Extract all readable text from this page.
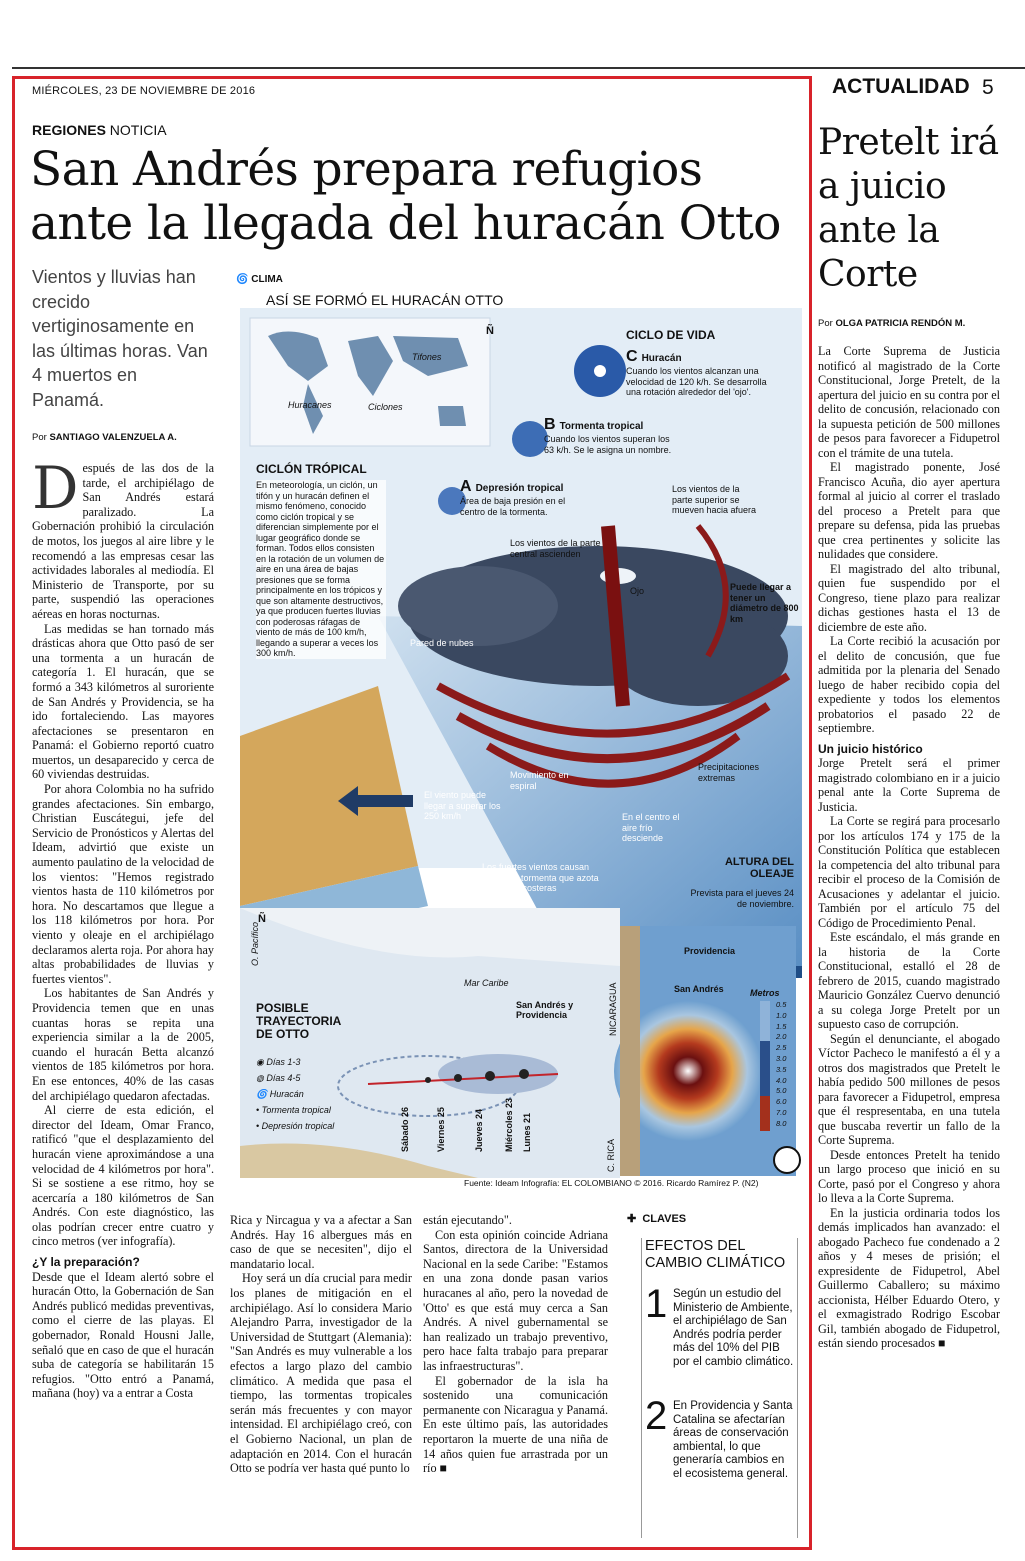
MIÉRCOLES, 23 DE NOVIEMBRE DE 2016	ACTUALIDAD 5
REGIONES NOTICIA
San Andrés prepara refugios ante la llegada del huracán Otto
Vientos y lluvias han crecido vertiginosamente en las últimas horas. Van 4 muertos en Panamá.
Por SANTIAGO VALENZUELA A.

Después de las dos de la tarde, el archipiélago de San Andrés estará paralizado. La Gobernación prohibió la circulación de motos, los juegos al aire libre y le recomendó a las empresas cesar las actividades laborales al mediodía. El Ministerio de Transporte, por su parte, suspendió las operaciones aéreas en horas nocturnas.

Las medidas se han tornado más drásticas ahora que Otto pasó de ser una tormenta a un huracán de categoría 1. El huracán, que se formó a 343 kilómetros al suroriente de San Andrés y Providencia, se ha ido fortaleciendo. Las mayores afectaciones se presentaron en Panamá: el Gobierno reportó cuatro muertos, un desaparecido y cerca de 60 viviendas destruidas.

Por ahora Colombia no ha sufrido grandes afectaciones. Sin embargo, Christian Euscátegui, jefe del Servicio de Pronósticos y Alertas del Ideam, advirtió que existe un aumento paulatino de la velocidad de los vientos: "Hemos registrado vientos hasta de 110 kilómetros por hora. No descartamos que llegue a los 118 kilómetros por hora. Por viento y oleaje en el archipiélago declaramos alerta roja. Por ahora hay altas probabilidades de lluvias y fuertes vientos".

Los habitantes de San Andrés y Providencia temen que en unas cuantas horas se repita una experiencia similar a la de 2005, cuando el huracán Betta alcanzó vientos de 185 kilómetros por hora. En ese entonces, 40% de las casas del archipiélago quedaron afectadas.

Al cierre de esta edición, el director del Ideam, Omar Franco, ratificó "que el desplazamiento del huracán viene aproximándose a una velocidad de 4 kilómetros por hora". Si se sostiene a ese ritmo, hoy se acercaría a 180 kilómetros de San Andrés. Con este diagnóstico, las olas podrían crecer entre cuatro y cinco metros (ver infografía).

¿Y la preparación?

Desde que el Ideam alertó sobre el huracán Otto, la Gobernación de San Andrés publicó medidas preventivas, como el cierre de las playas. El gobernador, Ronald Housni Jalle, señaló que en caso de que el huracán suba de categoría se habilitarán 15 refugios. "Otto entró a Panamá, mañana (hoy) va a entrar a Costa

Rica y Nircagua y va a afectar a San Andrés. Hay 16 albergues más en caso de que se necesiten", dijo el mandatario local.

Hoy será un día crucial para medir los planes de mitigación en el archipiélago. Así lo considera Mario Alejandro Parra, investigador de la Universidad de Stuttgart (Alemania): "San Andrés es muy vulnerable a los efectos a largo plazo del cambio climático. A medida que pasa el tiempo, las tormentas tropicales serán más frecuentes y con mayor intensidad. El archipiélago creó, con el Gobierno Nacional, un plan de adaptación en 2014. Con el huracán Otto se podría ver hasta qué punto lo

están ejecutando".

Con esta opinión coincide Adriana Santos, directora de la Universidad Nacional en la sede Caribe: "Estamos en una zona donde pasan varios huracanes al año, pero la novedad de 'Otto' es que está muy cerca a San Andrés. A nivel gubernamental se han realizado un trabajo preventivo, pero hace falta trabajo para preparar las infraestructuras".

El gobernador de la isla ha sostenido una comunicación permanente con Nicaragua y Panamá. En este último país, las autoridades reportaron la muerte de una niña de 14 años quien fue arrastrada por un río ■

🌀 CLIMA
ASÍ SE FORMÓ EL HURACÁN OTTO
Ñ
Tifones
Huracanes	Ciclones
CICLO DE VIDA
C Huracán
Cuando los vientos alcanzan una velocidad de 120 k/h. Se desarrolla una rotación alrededor del 'ojo'.
B Tormenta tropical
Cuando los vientos superan los 63 k/h. Se le asigna un nombre.
A Depresión tropical
Área de baja presión en el centro de la tormenta.
CICLÓN TRÓPICAL
En meteorología, un ciclón, un tifón y un huracán definen el mismo fenómeno, conocido como ciclón tropical y se diferencian simplemente por el lugar geográfico donde se forman. Todos ellos consisten en la rotación de un volumen de aire en una área de bajas presiones que se forma principalmente en los trópicos y que son altamente destructivos, ya que producen fuertes lluvias con poderosas ráfagas de viento de más de 100 km/h, llegando a superar a veces los 300 km/h.
Los vientos de la parte superior se mueven hacia afuera
Los vientos de la parte central ascienden
Ojo	Puede llegar a tener un diámetro de 800 km
Pared de nubes
Movimiento en espiral
Precipitaciones extremas
El viento puede llegar a superar los 250 km/h	En el centro el aire frío desciende
Los fuertes vientos causan oleaje de tormenta que azota las zonas costeras
ALTURA DEL OLEAJE
Prevista para el jueves 24 de noviembre.
Ñ
O. Pacífico
Mar Caribe
San Andrés y Providencia	NICARAGUA
C. RICA
Providencia
San Andrés
POSIBLE TRAYECTORIA DE OTTO
◉ Días 1-3
◍ Días 4-5
🌀 Huracán
• Tormenta tropical
• Depresión tropical	Sábado 26	Viernes 25	Jueves 24 Miércoles 23 Lunes 21
Metros
0.5
1.0
1.5
2.0
2.5
3.0
3.5
4.0
5.0
6.0
7.0
8.0
Fuente: Ideam Infografía: EL COLOMBIANO © 2016. Ricardo Ramírez P. (N2)
✚ CLAVES
EFECTOS DEL CAMBIO CLIMÁTICO
1 Según un estudio del Ministerio de Ambiente, el archipiélago de San Andrés podría perder más del 10% del PIB por el cambio climático.
2 En Providencia y Santa Catalina se afectarían áreas de conservación ambiental, lo que generaría cambios en el ecosistema general.
Pretelt irá a juicio ante la Corte
Por OLGA PATRICIA RENDÓN M.

La Corte Suprema de Justicia notificó al magistrado de la Corte Constitucional, Jorge Pretelt, de la apertura del juicio en su contra por el delito de concusión, relacionado con la supuesta petición de 500 millones de pesos para favorecer a Fidupetrol con el trámite de una tutela.

El magistrado ponente, José Francisco Acuña, dio ayer apertura formal al juicio al correr el traslado del proceso a Pretelt para que prepare su defensa, pida las pruebas que crea pertinentes y solicite las nulidades que considere.

El magistrado del alto tribunal, quien fue suspendido por el Congreso, tiene plazo para realizar dichas gestiones hasta el 13 de diciembre de este año.

La Corte recibió la acusación por el delito de concusión, que fue admitida por la plenaria del Senado luego de haber recibido copia del expediente y todos los elementos probatorios el pasado 22 de septiembre.

Un juicio histórico

Jorge Pretelt será el primer magistrado colombiano en ir a juicio penal ante la Corte Suprema de Justicia.

La Corte se regirá para procesarlo por los artículos 174 y 175 de la Constitución Política que establecen la competencia del alto tribunal para recibir el proceso de la Comisión de Acusaciones y adelantar el juicio. También por el artículo 75 del Código de Procedimiento Penal.

Este escándalo, el más grande en la historia de la Corte Constitucional, estalló el 28 de febrero de 2015, cuando magistrado Mauricio González Cuervo denunció a su colega Jorge Pretelt por un supuesto caso de corrupción.

Según el denunciante, el abogado Víctor Pacheco le manifestó a él y a otros dos magistrados que Pretelt le había pedido 500 millones de pesos para favorecer a Fidupetrol, empresa que él respresentaba, en una tutela que buscaba revertir un fallo de la Corte Suprema.

Desde entonces Pretelt ha tenido un largo proceso que inició en su Corte, pasó por el Congreso y ahora lo lleva a la Corte Suprema.

En la justicia ordinaria todos los demás implicados han avanzado: el abogado Pacheco fue condenado a 2 años y 4 meses de prisión; el expresidente de Fidupetrol, Abel Guillermo Caballero; su máximo accionista, Hélber Eduardo Otero, y el exmagistrado Rodrigo Escobar Gil, también abogado de Fidupetrol, están siendo procesados ■
